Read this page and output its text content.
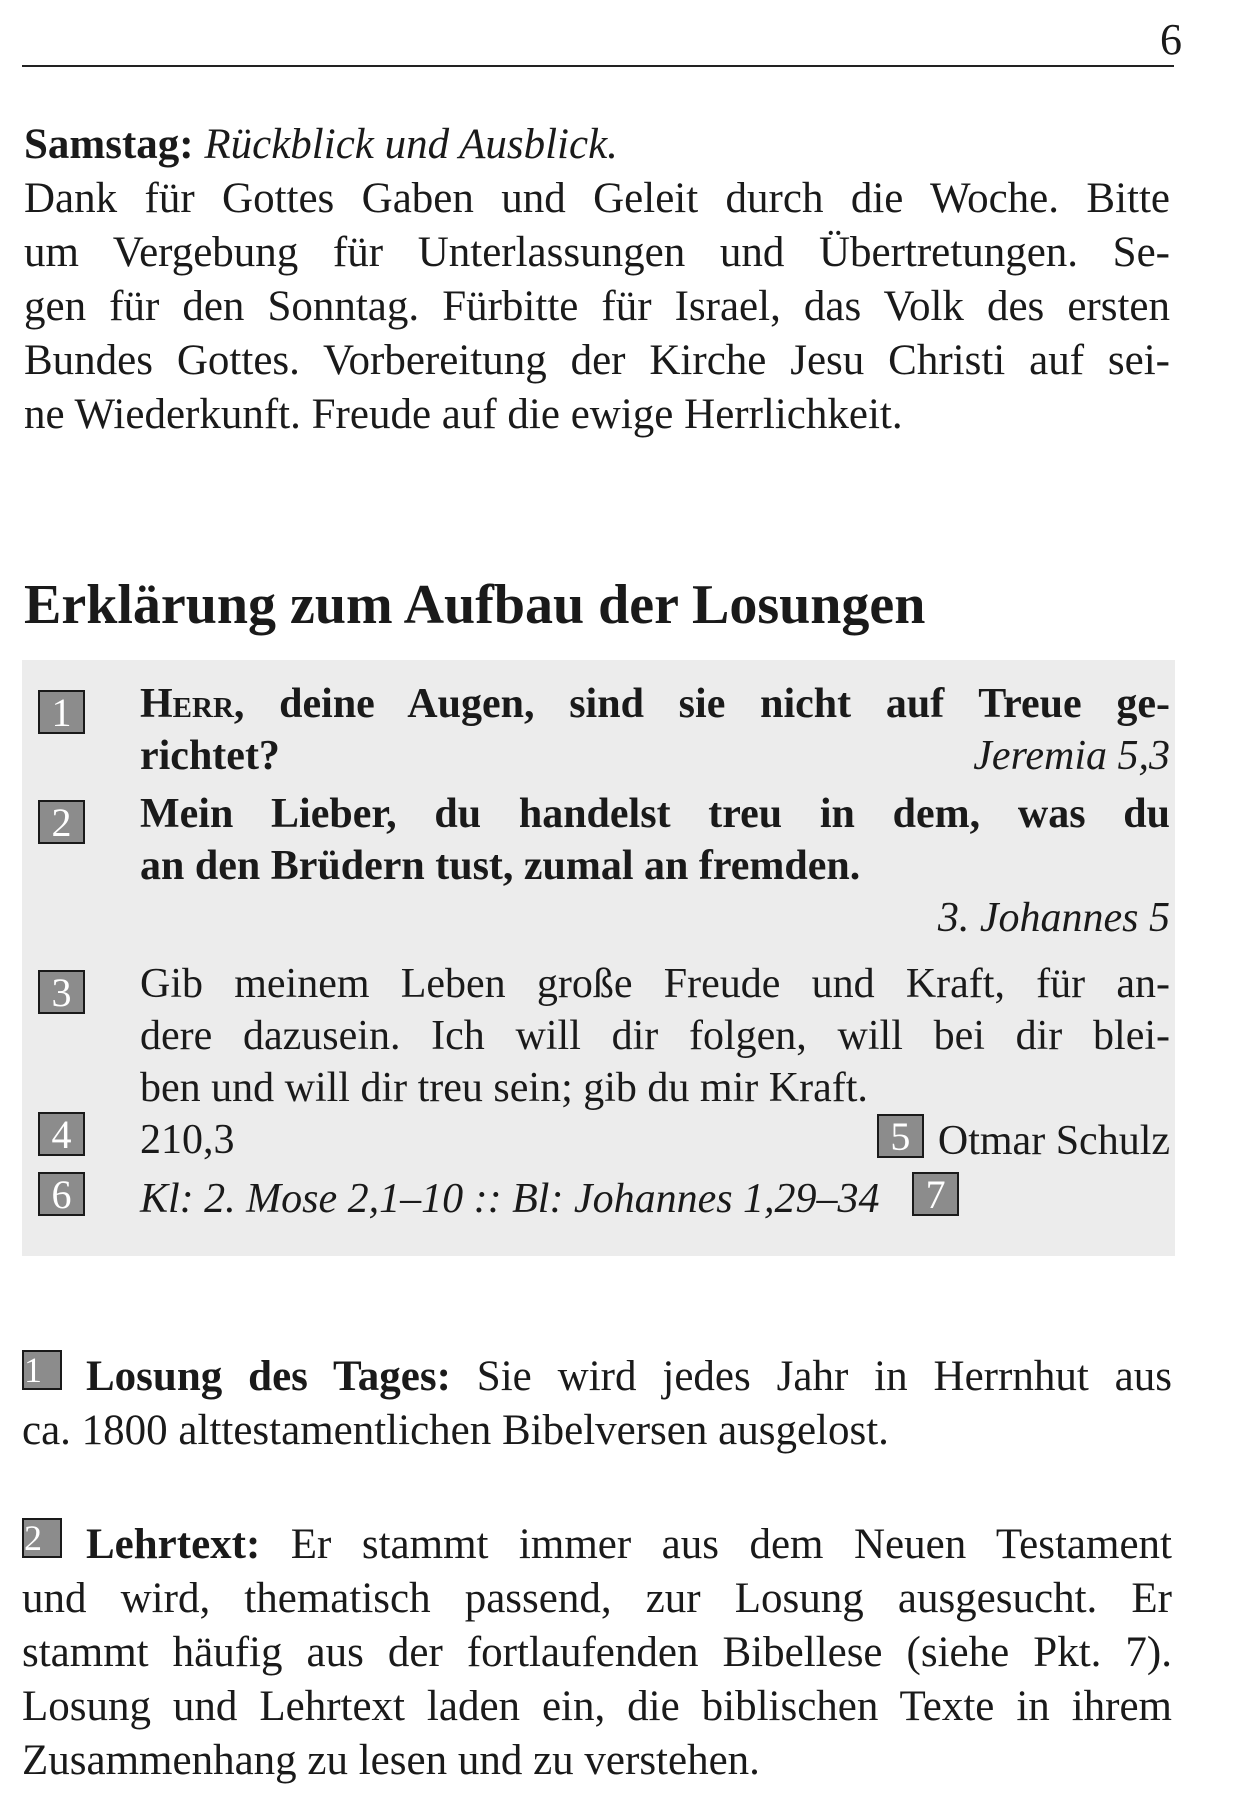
6
Samstag: Rückblick und Ausblick.
Dank für Gottes Gaben und Geleit durch die Woche. Bitte
um Vergebung für Unterlassungen und Übertretungen. Se-
gen für den Sonntag. Fürbitte für Israel, das Volk des ersten
Bundes Gottes. Vorbereitung der Kirche Jesu Christi auf sei-
ne Wiederkunft. Freude auf die ewige Herrlichkeit.
Erklärung zum Aufbau der Losungen
1	Herr, deine Augen, sind sie nicht auf Treue ge-
richtet?	Jeremia 5,3
2	Mein Lieber, du handelst treu in dem, was du
an den Brüdern tust, zumal an fremden.
3. Johannes 5
3	Gib meinem Leben große Freude und Kraft, für an-
dere dazusein. Ich will dir folgen, will bei dir blei-
ben und will dir treu sein; gib du mir Kraft.
4	210,3	5 Otmar Schulz
6	Kl: 2. Mose 2,1–10 :: Bl: Johannes 1,29–34 7
1 Losung des Tages: Sie wird jedes Jahr in Herrnhut aus
ca. 1800 alttestamentlichen Bibelversen ausgelost.
2 Lehrtext: Er stammt immer aus dem Neuen Testament
und wird, thematisch passend, zur Losung ausgesucht. Er
stammt häufig aus der fortlaufenden Bibellese (siehe Pkt. 7).
Losung und Lehrtext laden ein, die biblischen Texte in ihrem
Zusammenhang zu lesen und zu verstehen.
